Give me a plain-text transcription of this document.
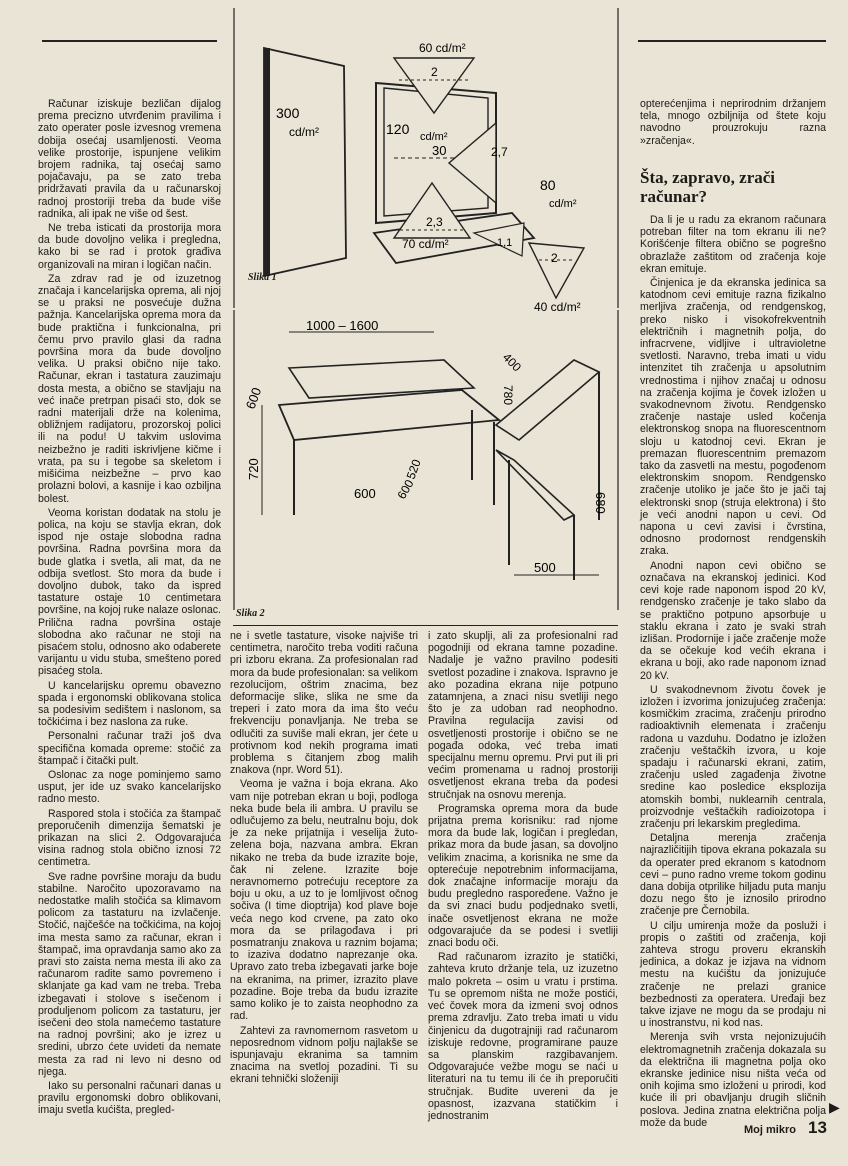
60 cd/m²
2
300
cd/m²	120 cd/m²
30	2,7
80
cd/m²
2,3
70 cd/m²	1,1
2
40 cd/m²
Slika 1
1000 – 1600
600
720
600
520
600
400
780
500
680
Slika 2

Računar iziskuje bezličan dijalog prema precizno utvrđenim pravilima i zato operater posle izvesnog vremena dobija osećaj usamljenosti. Veoma velike prostorije, ispunjene velikim brojem radnika, taj osećaj samo pojačavaju, pa se zato treba pridržavati pravila da u računarskoj radnoj prostoriji treba da bude više radnika, ali ipak ne više od šest.

Ne treba isticati da prostorija mora da bude dovoljno velika i pregledna, kako bi se rad i protok građiva organizovali na miran i logičan način.

Za zdrav rad je od izuzetnog značaja i kancelarijska oprema, ali njoj se u praksi ne posvećuje dužna pažnja. Kancelarijska oprema mora da bude praktična i funkcionalna, pri čemu prvo pravilo glasi da radna površina mora da bude dovoljno velika. U praksi obično nije tako. Računar, ekran i tastatura zauzimaju dosta mesta, a obično se stavljaju na već inače pretrpan pisaći sto, dok se radni materijali drže na kolenima, obližnjem radijatoru, prozorskoj polici ili na podu! U takvim uslovima neizbežno je raditi iskrivljene kičme i vrata, pa su i tegobe sa skeletom i mišićima neizbežne – prvo kao prolazni bolovi, a kasnije i kao ozbiljna bolest.

Veoma koristan dodatak na stolu je polica, na koju se stavlja ekran, dok ispod nje ostaje slobodna radna površina. Radna površina mora da bude glatka i svetla, ali mat, da ne odbija svetlost. Sto mora da bude i dovoljno dubok, tako da ispred tastature ostaje 10 centimetara površine, na kojoj ruke nalaze oslonac. Prilična radna površina ostaje slobodna ako računar ne stoji na pisaćem stolu, odnosno ako odaberete varijantu u vidu stuba, smešteno pored pisaćeg stola.

U kancelarijsku opremu obavezno spada i ergonomski oblikovana stolica sa podesivim sedištem i naslonom, sa točkićima i bez naslona za ruke.

Personalni računar traži još dva specifična komada opreme: stočić za štampač i čitački pult.

Oslonac za noge pominjemo samo usput, jer ide uz svako kancelarijsko radno mesto.

Raspored stola i stočića za štampač preporučenih dimenzija šematski je prikazan na slici 2. Odgovarajuća visina radnog stola obično iznosi 72 centimetra.

Sve radne površine moraju da budu stabilne. Naročito upozoravamo na nedostatke malih stočića sa klimavom policom za tastaturu na izvlačenje. Stočić, najčešće na točkićima, na kojoj ima mesta samo za računar, ekran i štampač, ima opravdanja samo ako za pravi sto zaista nema mesta ili ako za računarom radite samo povremeno i sklanjate ga kad vam ne treba. Treba izbegavati i stolove s isečenom i produljenom policom za tastaturu, jer isečeni deo stola namećemo tastature na radnoj površini; ako je izrez u sredini, ubrzo ćete uvideti da nemate mesta za rad ni levo ni desno od njega.

Iako su personalni računari danas u pravilu ergonomski dobro oblikovani, imaju svetla kućišta, pregled-

ne i svetle tastature, visoke najviše tri centimetra, naročito treba voditi računa pri izboru ekrana. Za profesionalan rad mora da bude profesionalan: sa velikom rezolucijom, oštrim znacima, bez deformacije slike, slika ne sme da treperi i zato mora da ima što veću frekvenciju ponavljanja. Ne treba se odlučiti za suviše mali ekran, jer ćete u protivnom kod nekih programa imati problema s čitanjem zbog malih znakova (npr. Word 51).

Veoma je važna i boja ekrana. Ako vam nije potreban ekran u boji, podloga neka bude bela ili ambra. U pravilu se odlučujemo za belu, neutralnu boju, dok je za neke prijatnija i veselija žuto-zelena boja, nazvana ambra. Ekran nikako ne treba da bude izrazite boje, čak ni zelene. Izrazite boje neravnomerno potrećuju receptore za boju u oku, a uz to je lomljivost očnog sočiva (I time dioptrija) kod plave boje veća nego kod crvene, pa zato oko mora da se prilagođava i pri posmatranju znakova u raznim bojama; to izaziva dodatno naprezanje oka. Upravo zato treba izbegavati jarke boje na ekranima, na primer, izrazito plave pozadine. Boje treba da budu izrazite samo koliko je to zaista neophodno za rad.

Zahtevi za ravnomernom rasvetom u neposrednom vidnom polju najlakše se ispunjavaju ekranima sa tamnim znacima na svetloj pozadini. Ti su ekrani tehnički složeniji

i zato skuplji, ali za profesionalni rad pogodniji od ekrana tamne pozadine. Nadalje je važno pravilno podesiti svetlost pozadine i znakova. Ispravno je ako pozadina ekrana nije potpuno zatamnjena, a znaci nisu svetliji nego što je za udoban rad neophodno. Pravilna regulacija zavisi od osvetljenosti prostorije i obično se ne pogađa odoka, već treba imati specijalnu mernu opremu. Prvi put ili pri većim promenama u radnoj prostoriji osvetljenost ekrana treba da podesi stručnjak na osnovu merenja.

Programska oprema mora da bude prijatna prema korisniku: rad njome mora da bude lak, logičan i pregledan, prikaz mora da bude jasan, sa dovoljno velikim znacima, a korisnika ne sme da opterećuje nepotrebnim informacijama, dok značajne informacije moraju da budu pregledno raspoređene. Važno je da svi znaci budu podjednako svetli, inače osvetljenost ekrana ne može odgovarajuće da se podesi i svetliji znaci bodu oči.

Rad računarom izrazito je statički, zahteva kruto držanje tela, uz izuzetno malo pokreta – osim u vratu i prstima. Tu se opremom ništa ne može postići, već čovek mora da izmeni svoj odnos prema zdravlju. Zato treba imati u vidu činjenicu da dugotrajniji rad računarom iziskuje redovne, programirane pauze sa planskim razgibavanjem. Odgovarajuće vežbe mogu se naći u literaturi na tu temu ili će ih preporučiti stručnjak. Budite uvereni da je opasnost, izazvana statičkim i jednostranim

opterećenjima i neprirodnim držanjem tela, mnogo ozbiljnija od štete koju navodno prouzrokuju razna »zračenja«.

Šta, zapravo, zrači računar?

Da li je u radu za ekranom računara potreban filter na tom ekranu ili ne? Korišćenje filtera obično se pogrešno obrazlaže zaštitom od zračenja koje ekran emituje.

Činjenica je da ekranska jedinica sa katodnom cevi emituje razna fizikalno merljiva zračenja, od rendgenskog, preko nisko i visokofrekventnih električnih i magnetnih polja, do infracrvene, vidljive i ultravioletne svetlosti. Naravno, treba imati u vidu intenzitet tih zračenja u apsolutnim vrednostima i njihov značaj u odnosu na zračenja kojima je čovek izložen u svakodnevnom životu. Rendgensko zračenje nastaje usled kočenja elektronskog snopa na fluorescentnom sloju u katodnoj cevi. Ekran je premazan fluorescentnim premazom tako da zasvetli na mestu, pogođenom elektronskim snopom. Rendgensko zračenje utoliko je jače što je jači taj elektronski snop (struja elektrona) i što je veći anodni napon u cevi. Od napona u cevi zavisi i čvrstina, odnosno prodornost rendgenskih zraka.

Anodni napon cevi obično se označava na ekranskoj jedinici. Kod cevi koje rade naponom ispod 20 kV, rendgensko zračenje je tako slabo da se praktično potpuno apsorbuje u staklu ekrana i zato je svaki strah izlišan. Prodornije i jače zračenje može da se očekuje kod većih ekrana i ekrana u boji, ako rade naponom iznad 20 kV.

U svakodnevnom životu čovek je izložen i izvorima jonizujućeg zračenja: kosmičkim zracima, zračenju prirodno radioaktivnih elemenata i zračenju radona u vazduhu. Dodatno je izložen zračenju veštačkih izvora, u koje spadaju i računarski ekrani, zatim, zračenju usled zagađenja životne sredine kao posledice eksplozija atomskih bombi, nuklearnih centrala, proizvodnje veštačkih radioizotopa i zračenju pri lekarskim pregledima.

Detaljna merenja zračenja najrazličitijih tipova ekrana pokazala su da operater pred ekranom s katodnom cevi – puno radno vreme tokom godinu dana dobija otprilike hiljadu puta manju dozu nego što je iznosilo prirodno zračenje pre Černobila.

U cilju umirenja može da posluži i propis o zaštiti od zračenja, koji zahteva strogu proveru ekranskih jedinica, a dokaz je izjava na vidnom mestu na kućištu da jonizujuće zračenje ne prelazi granice bezbednosti za operatera. Uređaji bez takve izjave ne mogu da se prodaju ni u inostranstvu, ni kod nas.

Merenja svih vrsta nejonizujućih elektromagnetnih zračenja dokazala su da električna ili magnetna polja oko ekranske jedinice nisu ništa veća od onih kojima smo izloženi u prirodi, kod kuće ili pri obavljanju drugih sličnih poslova. Jedina znatna električna polja može da bude

▶
Moj mikro 13
